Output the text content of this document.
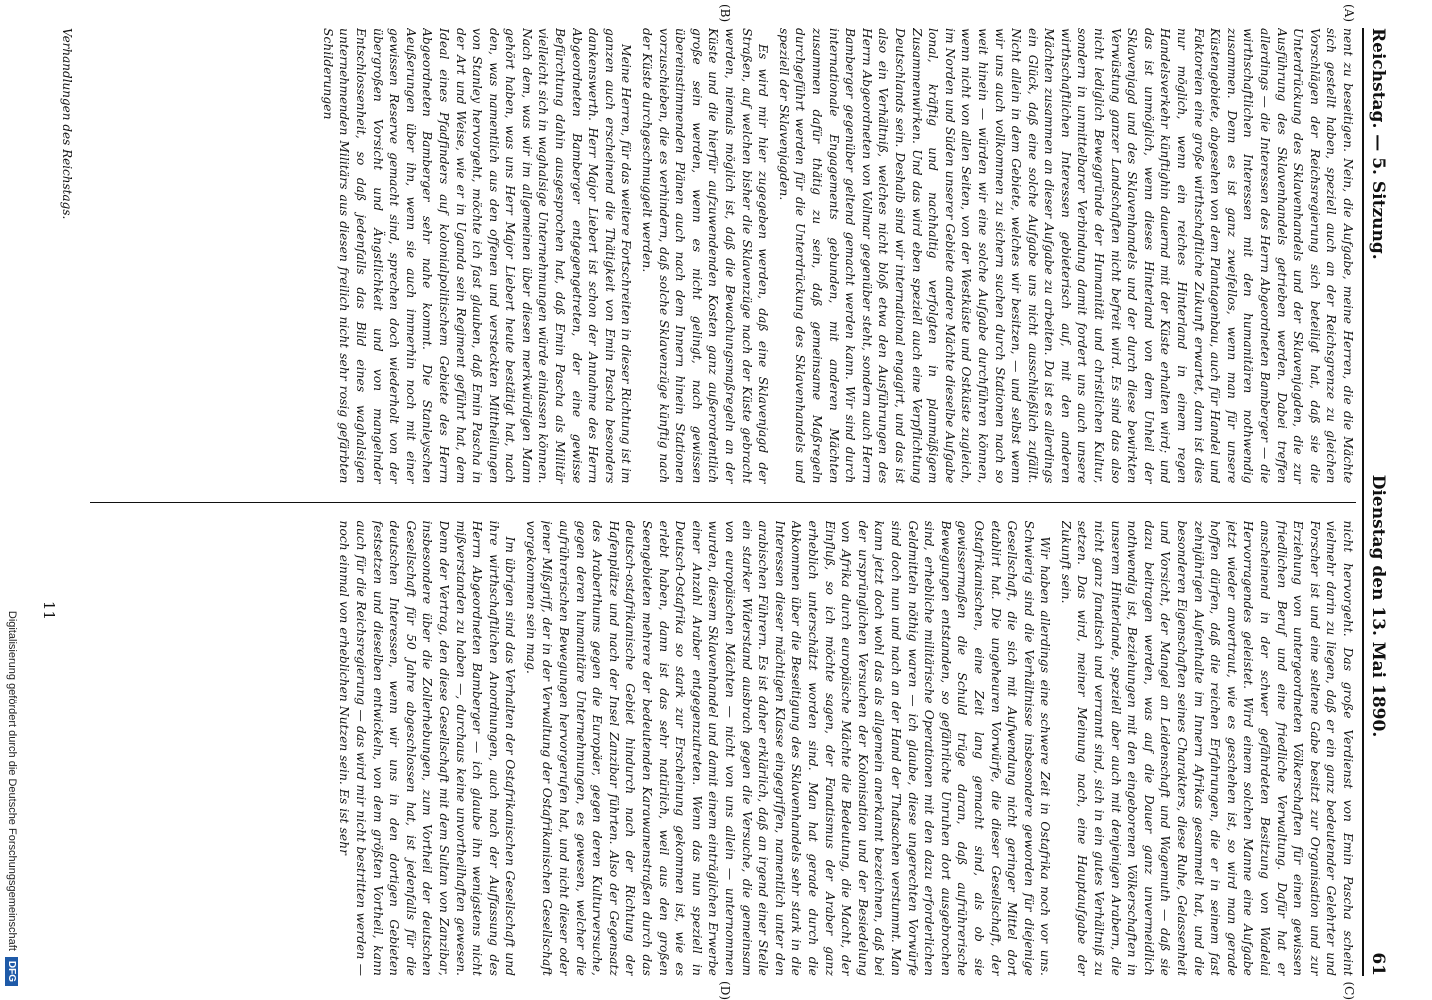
Reichstag. — 5. Sitzung.
Dienstag den 13. Mai 1890.
61

nent zu beseitigen. Nein, die Aufgabe, meine Herren, die die Mächte sich gestellt haben, speziell auch an der Reichsgrenze zu gleichen Vorschlägen der Reichsregierung sich beteiligt hat, daß sie die Unterdrückung des Sklavenhandels und der Sklavenjagden, die zur Ausführung des Sklavenhandels getrieben werden. Dabei treffen allerdings — die Interessen des Herrn Abgeordneten Bamberger — die wirthschaftlichen Interessen mit den humanitären nothwendig zusammen. Denn es ist ganz zweifellos, wenn man für unsere Küstengebiete, abgesehen von dem Plantagenbau, auch für Handel und Faktoreien eine große wirthschaftliche Zukunft erwartet, dann ist dies nur möglich, wenn ein reiches Hinterland in einem regen Handelsverkehr künftighin dauernd mit der Küste erhalten wird; und das ist unmöglich, wenn dieses Hinterland von dem Unheil der Sklavenjagd und des Sklavenhandels und der durch diese bewirkten Verwüstung ganzer Landschaften nicht befreit wird. Es sind das also nicht lediglich Beweggründe der Humanität und christlichen Kultur, sondern in unmittelbarer Verbindung damit fordert uns auch unsere wirthschaftlichen Interessen gebieterisch auf, mit den anderen Mächten zusammen an dieser Aufgabe zu arbeiten. Da ist es allerdings ein Glück, daß eine solche Aufgabe uns nicht ausschließlich zufällt. Nicht allein in dem Gebiete, welches wir besitzen, — und selbst wenn wir uns auch vollkommen zu sichern suchen durch Stationen nach so weit hinein — würden wir eine solche Aufgabe durchführen können, wenn nicht von allen Seiten, von der Westküste und Ostküste zugleich, im Norden und Süden unserer Gebiete andere Mächte dieselbe Aufgabe lonal, kräftig und nachhaltig verfolgten in planmäßigem Zusammenwirken. Und das wird eben speziell auch eine Verpflichtung Deutschlands sein. Deshalb sind wir international engagirt, und das ist also ein Verhältniß, welches nicht bloß etwa den Ausführungen des Herrn Abgeordneten von Vollmar gegenüber steht, sondern auch Herrn Bamberger gegenüber geltend gemacht werden kann. Wir sind durch internationale Engagements gebunden, mit anderen Mächten zusammen dafür thätig zu sein, daß gemeinsame Maßregeln durchgeführt werden für die Unterdrückung des Sklavenhandels und speziell der Sklavenjagden.

Es wird mir hier zugegeben werden, daß eine Sklavenjagd der Straßen, auf welchen bisher die Sklavenzüge nach der Küste gebracht werden, niemals möglich ist, daß die Bewachungsmaßregeln an der Küste und die hierfür aufzuwendenden Kosten ganz außerordentlich große sein werden, wenn es nicht gelingt, nach gewissen übereinstimmenden Plänen auch nach dem Innern hinein Stationen vorzuschieben, die es verhindern, daß solche Sklavenzüge künftig nach der Küste durchgeschmuggelt werden.

Meine Herren, für das weitere Fortschreiten in dieser Richtung ist im ganzen auch erscheinend die Thätigkeit von Emin Pascha besonders dankenswerth. Herr Major Liebert ist schon der Annahme des Herrn Abgeordneten Bamberger entgegengetreten, der eine gewisse Befürchtung dahin ausgesprochen hat, daß Emin Pascha als Militär vielleicht sich in waghalsige Unternehmungen würde einlassen können. Nach dem, was wir im allgemeinen über diesen merkwürdigen Mann gehört haben, was uns Herr Major Liebert heute bestätigt hat, nach den, was namentlich aus den offenen und versteckten Mittheilungen von Stanley hervorgeht, möchte ich fast glauben, daß Emin Pascha in der Art und Weise, wie er in Uganda sein Regiment geführt hat, dem Ideal eines Pfadfinders auf kolonialpolitischem Gebiete des Herrn Abgeordneten Bamberger sehr nahe kommt. Die Stanleyschen Aeußerungen über ihn, wenn sie auch immerhin noch mit einer gewissen Reserve gemacht sind, sprechen doch wiederholt von der übergroßen Vorsicht und Ängstlichkeit und von mangelnder Entschlossenheit, so daß jedenfalls das Bild eines waghalsigen unternehmenden Militärs aus diesen freilich nicht sehr rosig gefärbten Schilderungen

nicht hervorgeht. Das große Verdienst von Emin Pascha scheint vielmehr darin zu liegen, daß er ein ganz bedeutender Gelehrter und Forscher ist und eine seltene Gabe besitzt zur Organisation und zur Erziehung von untergeordneten Völkerschaften für einen gewissen friedlichen Beruf und eine friedliche Verwaltung. Dafür hat er anscheinend in der schwer gefährdeten Besitzung von Wadelai Hervorragendes geleistet. Wird einem solchen Manne eine Aufgabe jetzt wieder anvertraut, wie es geschehen ist, so wird man gerade hoffen dürfen, daß die reichen Erfahrungen, die er in seinem fast zehnjährigen Aufenthalte im Innern Afrikas gesammelt hat, und die besonderen Eigenschaften seines Charakters, diese Ruhe, Gelassenheit und Vorsicht, der Mangel an Leidenschaft und Wagemuth — daß sie dazu beitragen werden, was auf die Dauer ganz unvermeidlich nothwendig ist, Beziehungen mit den eingeborenen Völkerschaften in unserem Hinterlande, speziell aber auch mit denjenigen Arabern, die nicht ganz fanatisch und verrannt sind, sich in ein gutes Verhältniß zu setzen. Das wird, meiner Meinung nach, eine Hauptaufgabe der Zukunft sein.

Wir haben allerdings eine schwere Zeit in Ostafrika noch vor uns. Schwierig sind die Verhältnisse insbesondere geworden für diejenige Gesellschaft, die sich mit Aufwendung nicht geringer Mittel dort etablirt hat. Die ungeheuren Vorwürfe, die dieser Gesellschaft, der Ostafrikanischen, eine Zeit lang gemacht sind, als ob sie gewissermaßen die Schuld trüge daran, daß aufrührerische Bewegungen entstanden, so gefährliche Unruhen dort ausgebrochen sind, erhebliche militärische Operationen mit den dazu erforderlichen Geldmitteln nöthig waren — ich glaube, diese ungerechten Vorwürfe sind doch nun und nach an der Hand der Thatsachen verstummt. Man kann jetzt doch wohl das als allgemein anerkannt bezeichnen, daß bei der ursprünglichen Versuchen der Kolonisation und der Besiedelung von Afrika durch europäische Mächte die Bedeutung, die Macht, der Einfluß, so ich möchte sagen, der Fanatismus der Araber ganz erheblich unterschätzt worden sind. Man hat gerade durch die Abkommen über die Beseitigung des Sklavenhandels sehr stark in die Interessen dieser mächtigen Klasse eingegriffen, namentlich unter den arabischen Führern. Es ist daher erklärlich, daß an irgend einer Stelle ein starker Widerstand ausbrach gegen die Versuche, die gemeinsam von europäischen Mächten — nicht von uns allein — unternommen wurden, diesem Sklavenhandel und damit einem einträglichen Erwerbe einer Anzahl Araber entgegenzutreten. Wenn das nun speziell in Deutsch-Ostafrika so stark zur Erscheinung gekommen ist, wie es erlebt haben, dann ist das sehr natürlich, weil aus den großen Seengebieten mehrere der bedeutenden Karawanenstraßen durch das deutsch-ostafrikanische Gebiet hindurch nach der Richtung der Hafenplätze und nach der Insel Zanzibar führten. Also der Gegensatz des Araberthums gegen die Europäer, gegen deren Kulturversuche, gegen deren humanitäre Unternehmungen, es gewesen, welcher die aufrührerischen Bewegungen hervorgerufen hat, und nicht dieser oder jener Mißgriff, der in der Verwaltung der Ostafrikanischen Gesellschaft vorgekommen sein mag.

Im übrigen sind das Verhalten der Ostafrikanischen Gesellschaft und ihre wirthschaftlichen Anordnungen, auch nach der Auffassung des Herrn Abgeordneten Bamberger — ich glaube ihn wenigstens nicht mißverstanden zu haben —, durchaus keine unvortheilhaften gewesen. Denn der Vertrag, den diese Gesellschaft mit dem Sultan von Zanzibar, insbesondere über die Zollerhebungen, zum Vortheil der deutschen Gesellschaft für 50 Jahre abgeschlossen hat, ist jedenfalls für die deutschen Interessen, wenn wir uns in den dortigen Gebieten festsetzen und dieselben entwickeln, von dem größten Vortheil, kann auch für die Reichsregierung — das wird mir nicht bestritten werden — noch einmal von erheblichen Nutzen sein. Es ist sehr

(A)
(B)
(C)
(D)
Verhandlungen des Reichstags.
11
Digitalisierung gefördert durch die Deutsche Forschungsgemeinschaft
DFG
